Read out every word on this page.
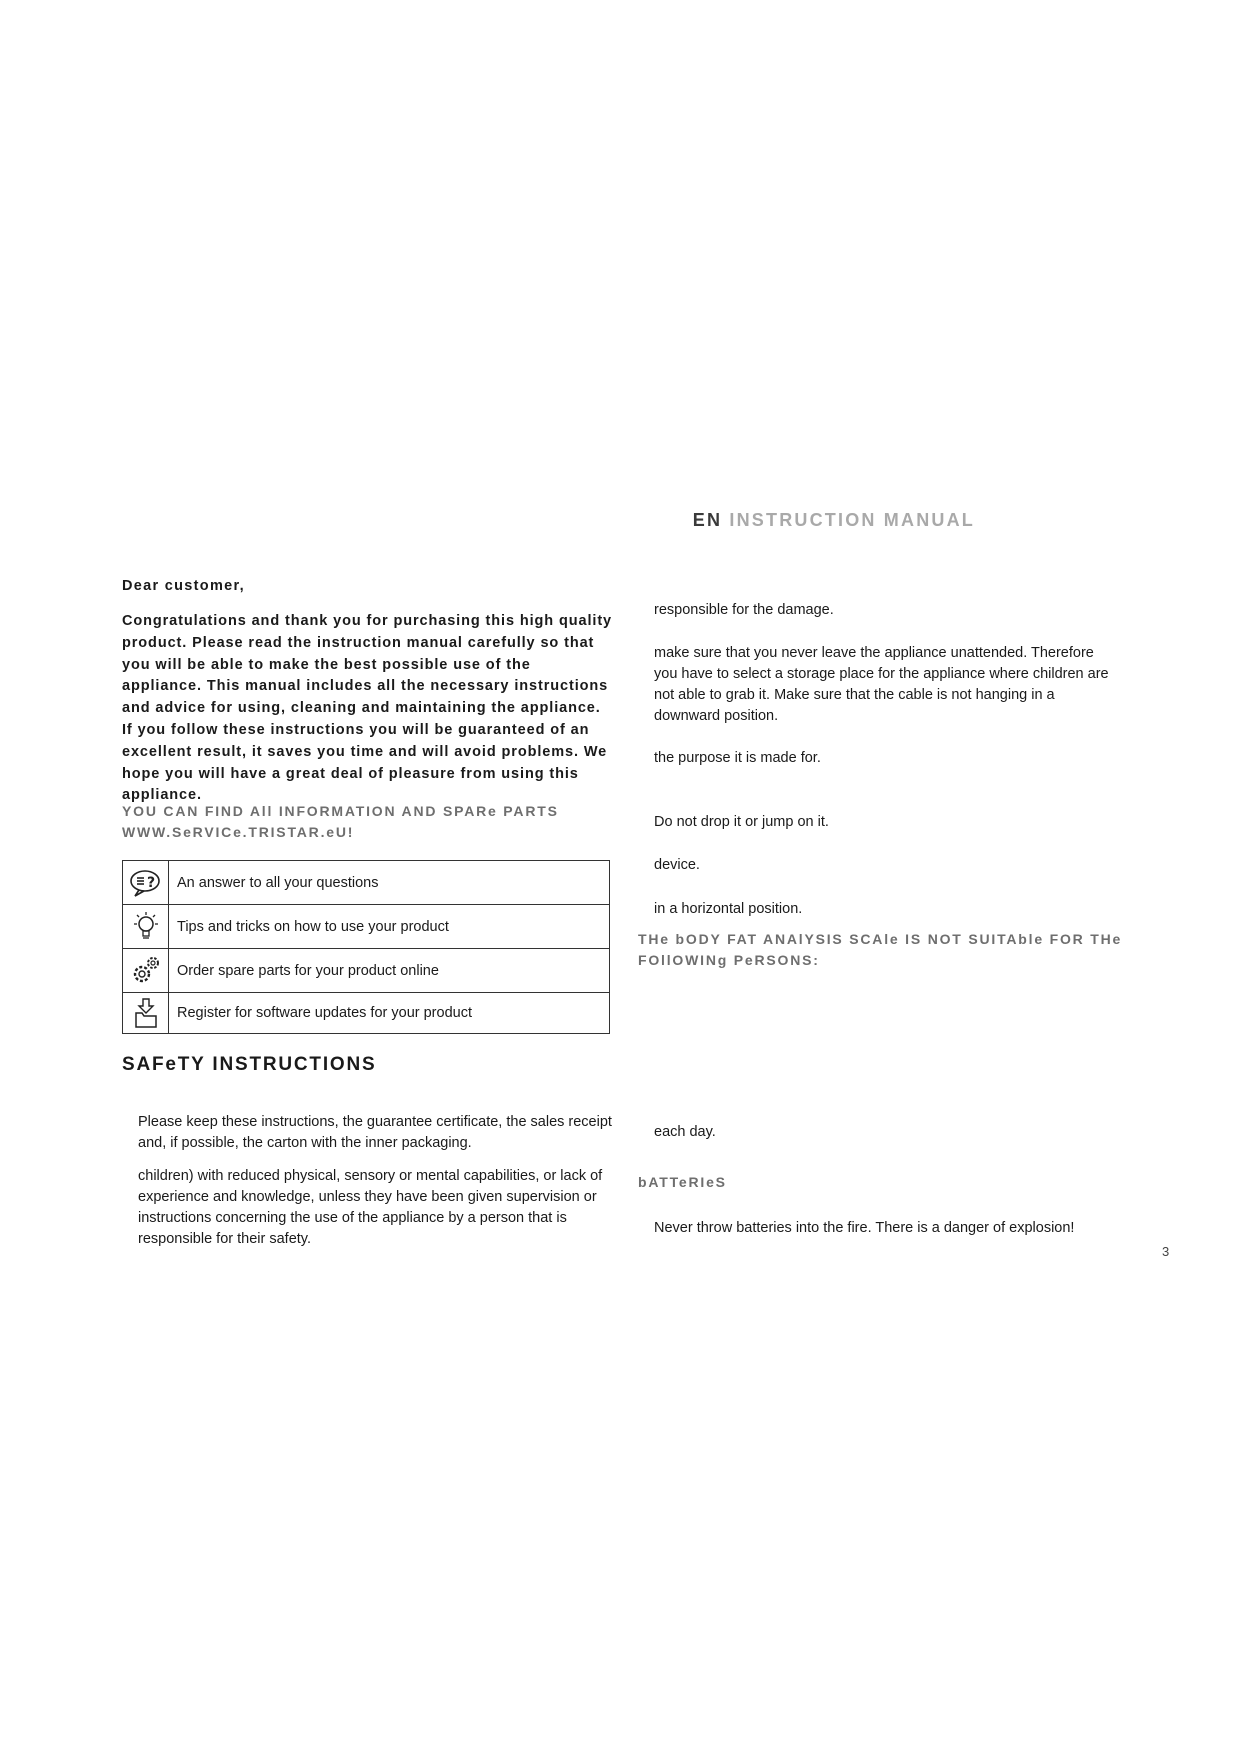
EN INSTRUCTION MANUAL
Dear customer,
Congratulations and thank you for purchasing this high quality product. Please read the instruction manual carefully so that you will be able to make the best possible use of the appliance. This manual includes all the necessary instructions and advice for using, cleaning and maintaining the appliance. If you follow these instructions you will be guaranteed of an excellent result, it saves you time and will avoid problems. We hope you will have a great deal of pleasure from using this appliance.
YOU CAN FIND All INFORMATION AND SPARe PARTS
WWW.SeRVICe.TRISTAR.eU!
?	An answer to all your questions

	Tips and tricks on how to use your product

	Order spare parts for your product online

	Register for software updates for your product
SAFeTY INSTRUCTIONS
Please keep these instructions, the guarantee certificate, the sales receipt and, if possible, the carton with the inner packaging.
children) with reduced physical, sensory or mental capabilities, or lack of experience and knowledge, unless they have been given supervision or instructions concerning the use of the appliance by a person that is responsible for their safety.
responsible for the damage.
make sure that you never leave the appliance unattended. Therefore you have to select a storage place for the appliance where children are not able to grab it. Make sure that the cable is not hanging in a downward position.
the purpose it is made for.
Do not drop it or jump on it.
device.
in a horizontal position.
THe bODY FAT ANAlYSIS SCAle IS NOT SUITAble FOR THe
FOllOWINg PeRSONS:
each day.
bATTeRIeS
Never throw batteries into the fire. There is a danger of explosion!
3
